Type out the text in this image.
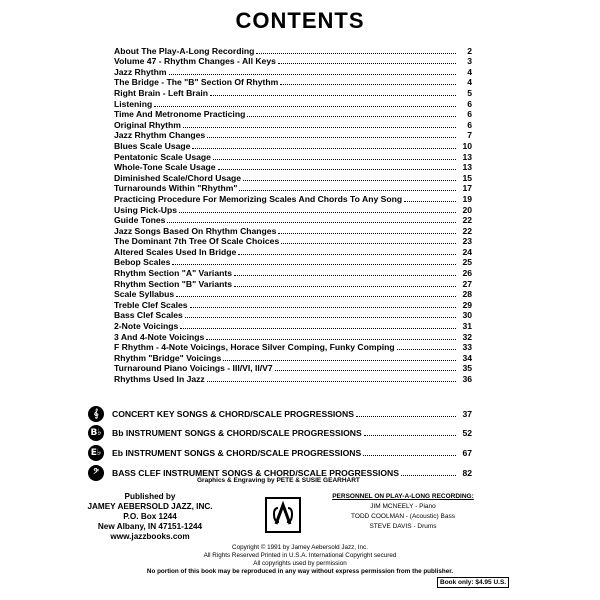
CONTENTS
About The Play-A-Long Recording	2
Volume 47 - Rhythm Changes - All Keys	3
Jazz Rhythm	4
The Bridge - The "B" Section Of Rhythm	4
Right Brain - Left Brain	5
Listening	6
Time And Metronome Practicing	6
Original Rhythm	6
Jazz Rhythm Changes	7
Blues Scale Usage	10
Pentatonic Scale Usage	13
Whole-Tone Scale Usage	13
Diminished Scale/Chord Usage	15
Turnarounds Within "Rhythm"	17
Practicing Procedure For Memorizing Scales And Chords To Any Song	19
Using Pick-Ups	20
Guide Tones	22
Jazz Songs Based On Rhythm Changes	22
The Dominant 7th Tree Of Scale Choices	23
Altered Scales Used In Bridge	24
Bebop Scales	25
Rhythm Section "A" Variants	26
Rhythm Section "B" Variants	27
Scale Syllabus	28
Treble Clef Scales	29
Bass Clef Scales	30
2-Note Voicings	31
3 And 4-Note Voicings	32
F Rhythm - 4-Note Voicings, Horace Silver Comping, Funky Comping	33
Rhythm "Bridge" Voicings	34
Turnaround Piano Voicings - III/VI, II/V7	35
Rhythms Used In Jazz	36
𝄞	CONCERT KEY SONGS & CHORD/SCALE PROGRESSIONS	37
B♭ Bb INSTRUMENT SONGS & CHORD/SCALE PROGRESSIONS	52
E♭	Eb INSTRUMENT SONGS & CHORD/SCALE PROGRESSIONS	67
𝄢	BASS CLEF INSTRUMENT SONGS & CHORD/SCALE PROGRESSIONS	82
Graphics & Engraving by PETE & SUSIE GEARHART
Published by
JAMEY AEBERSOLD JAZZ, INC.
P.O. Box 1244
New Albany, IN 47151-1244
www.jazzbooks.com
PERSONNEL ON PLAY-A-LONG RECORDING:
JIM MCNEELY - Piano
TODD COOLMAN - (Acoustic) Bass
STEVE DAVIS - Drums
Copyright © 1991 by Jamey Aebersold Jazz, Inc.
All Rights Reserved Printed in U.S.A. International Copyright secured
All copyrights used by permission
No portion of this book may be reproduced in any way without express permission from the publisher.
Book only: $4.95 U.S.
